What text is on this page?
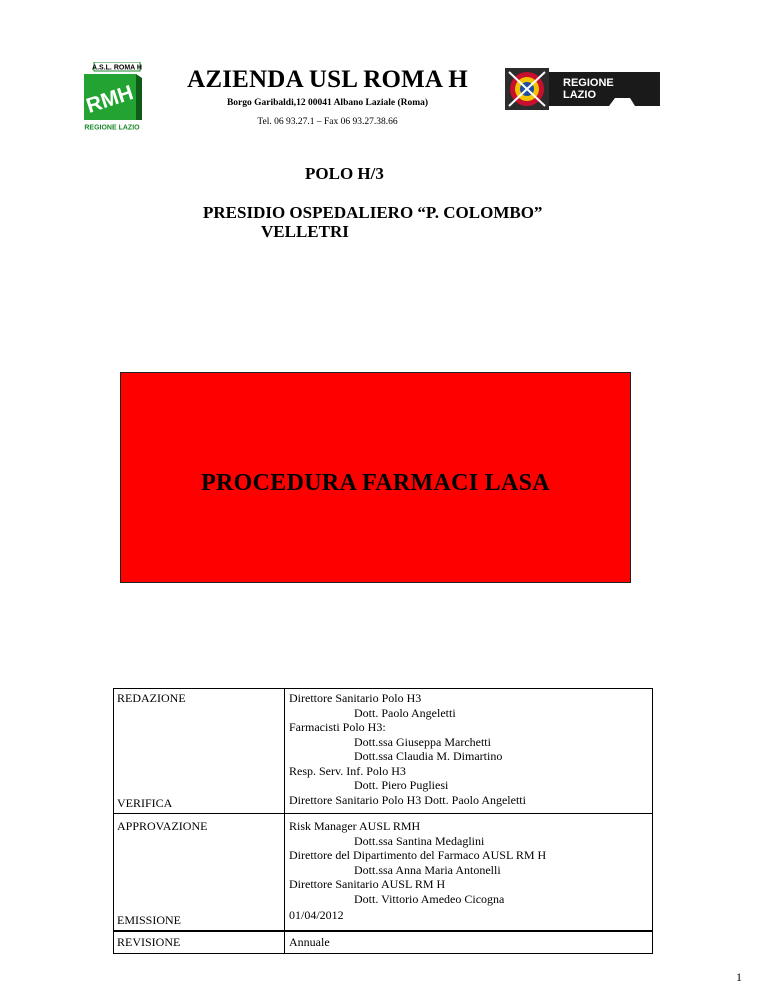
A.S.L. ROMA H
RMH
REGIONE LAZIO
AZIENDA USL ROMA H
Borgo Garibaldi,12 00041 Albano Laziale (Roma)
Tel. 06 93.27.1 – Fax 06 93.27.38.66
REGIONE
LAZIO
POLO H/3
PRESIDIO OSPEDALIERO “P. COLOMBO”
VELLETRI
PROCEDURA FARMACI LASA
REDAZIONE
VERIFICA
Direttore Sanitario Polo H3
Dott. Paolo Angeletti
Farmacisti Polo H3:
Dott.ssa Giuseppa Marchetti
Dott.ssa Claudia M. Dimartino
Resp. Serv. Inf. Polo H3
Dott. Piero Pugliesi
Direttore Sanitario Polo H3 Dott. Paolo Angeletti
APPROVAZIONE
EMISSIONE
Risk Manager AUSL RMH
Dott.ssa Santina Medaglini
Direttore del Dipartimento del Farmaco AUSL RM H
Dott.ssa Anna Maria Antonelli
Direttore Sanitario AUSL RM H
Dott. Vittorio Amedeo Cicogna
01/04/2012
REVISIONE	Annuale
1
